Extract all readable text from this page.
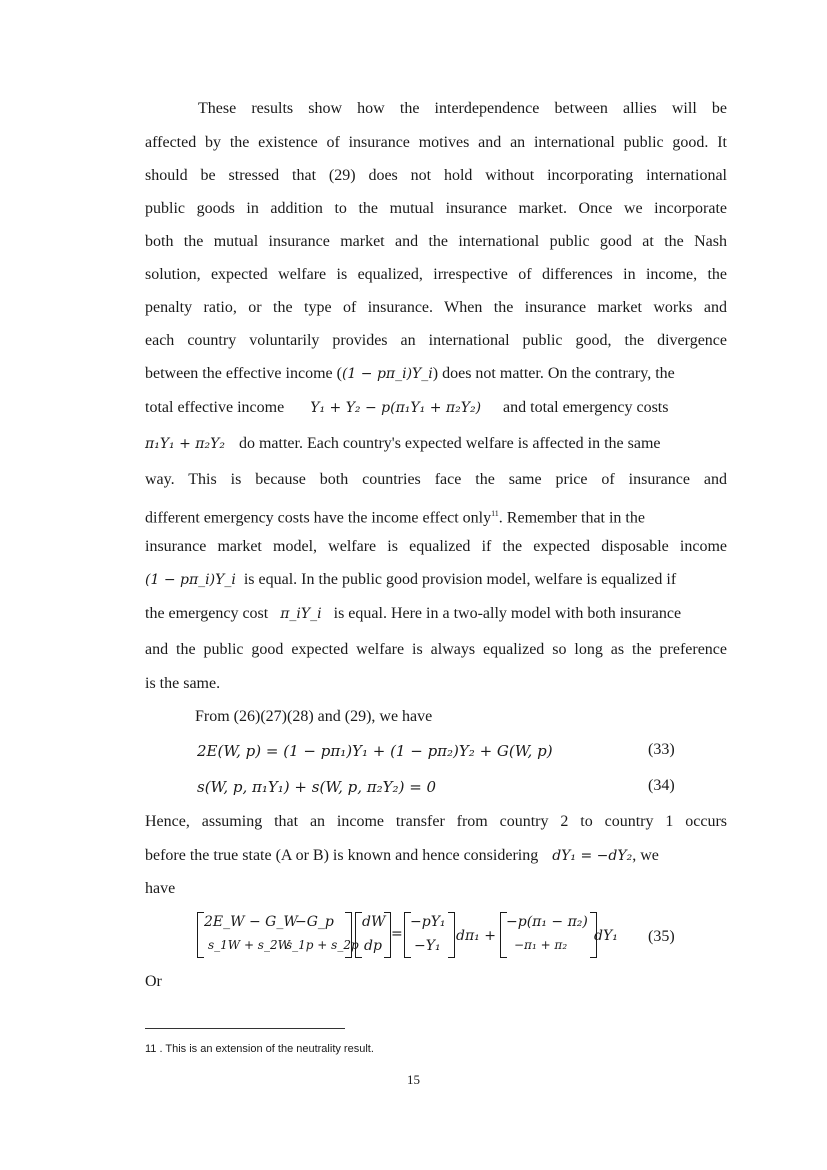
These results show how the interdependence between allies will be
affected by the existence of insurance motives and an international public good. It
should be stressed that (29) does not hold without incorporating international
public goods in addition to the mutual insurance market. Once we incorporate
both the mutual insurance market and the international public good at the Nash
solution, expected welfare is equalized, irrespective of differences in income, the
penalty ratio, or the type of insurance. When the insurance market works and
each country voluntarily provides an international public good, the divergence
between the effective income ((1 − pπ_i)Y_i) does not matter. On the contrary, the
total effective income Y₁ + Y₂ − p(π₁Y₁ + π₂Y₂) and total emergency costs
π₁Y₁ + π₂Y₂ do matter. Each country's expected welfare is affected in the same
way. This is because both countries face the same price of insurance and
different emergency costs have the income effect only$^{11}$. Remember that in the
insurance market model, welfare is equalized if the expected disposable income
(1 − pπ_i)Y_i is equal. In the public good provision model, welfare is equalized if
the emergency cost π_iY_i is equal. Here in a two-ally model with both insurance
and the public good expected welfare is always equalized so long as the preference
is the same.
From (26)(27)(28) and (29), we have
2E(W, p) = (1 − pπ₁)Y₁ + (1 − pπ₂)Y₂ + G(W, p)	(33)
s(W, p, π₁Y₁) + s(W, p, π₂Y₂) = 0	(34)
Hence, assuming that an income transfer from country 2 to country 1 occurs
before the true state (A or B) is known and hence considering dY₁ = −dY₂, we
have
2E_W − G_W
−G_p
s_1W + s_2W
s_1p + s_2p
dW
dp
=
−pY₁
−Y₁
dπ₁ +
−p(π₁ − π₂)
−π₁ + π₂
dY₁ (35)
Or
11 . This is an extension of the neutrality result.
15
